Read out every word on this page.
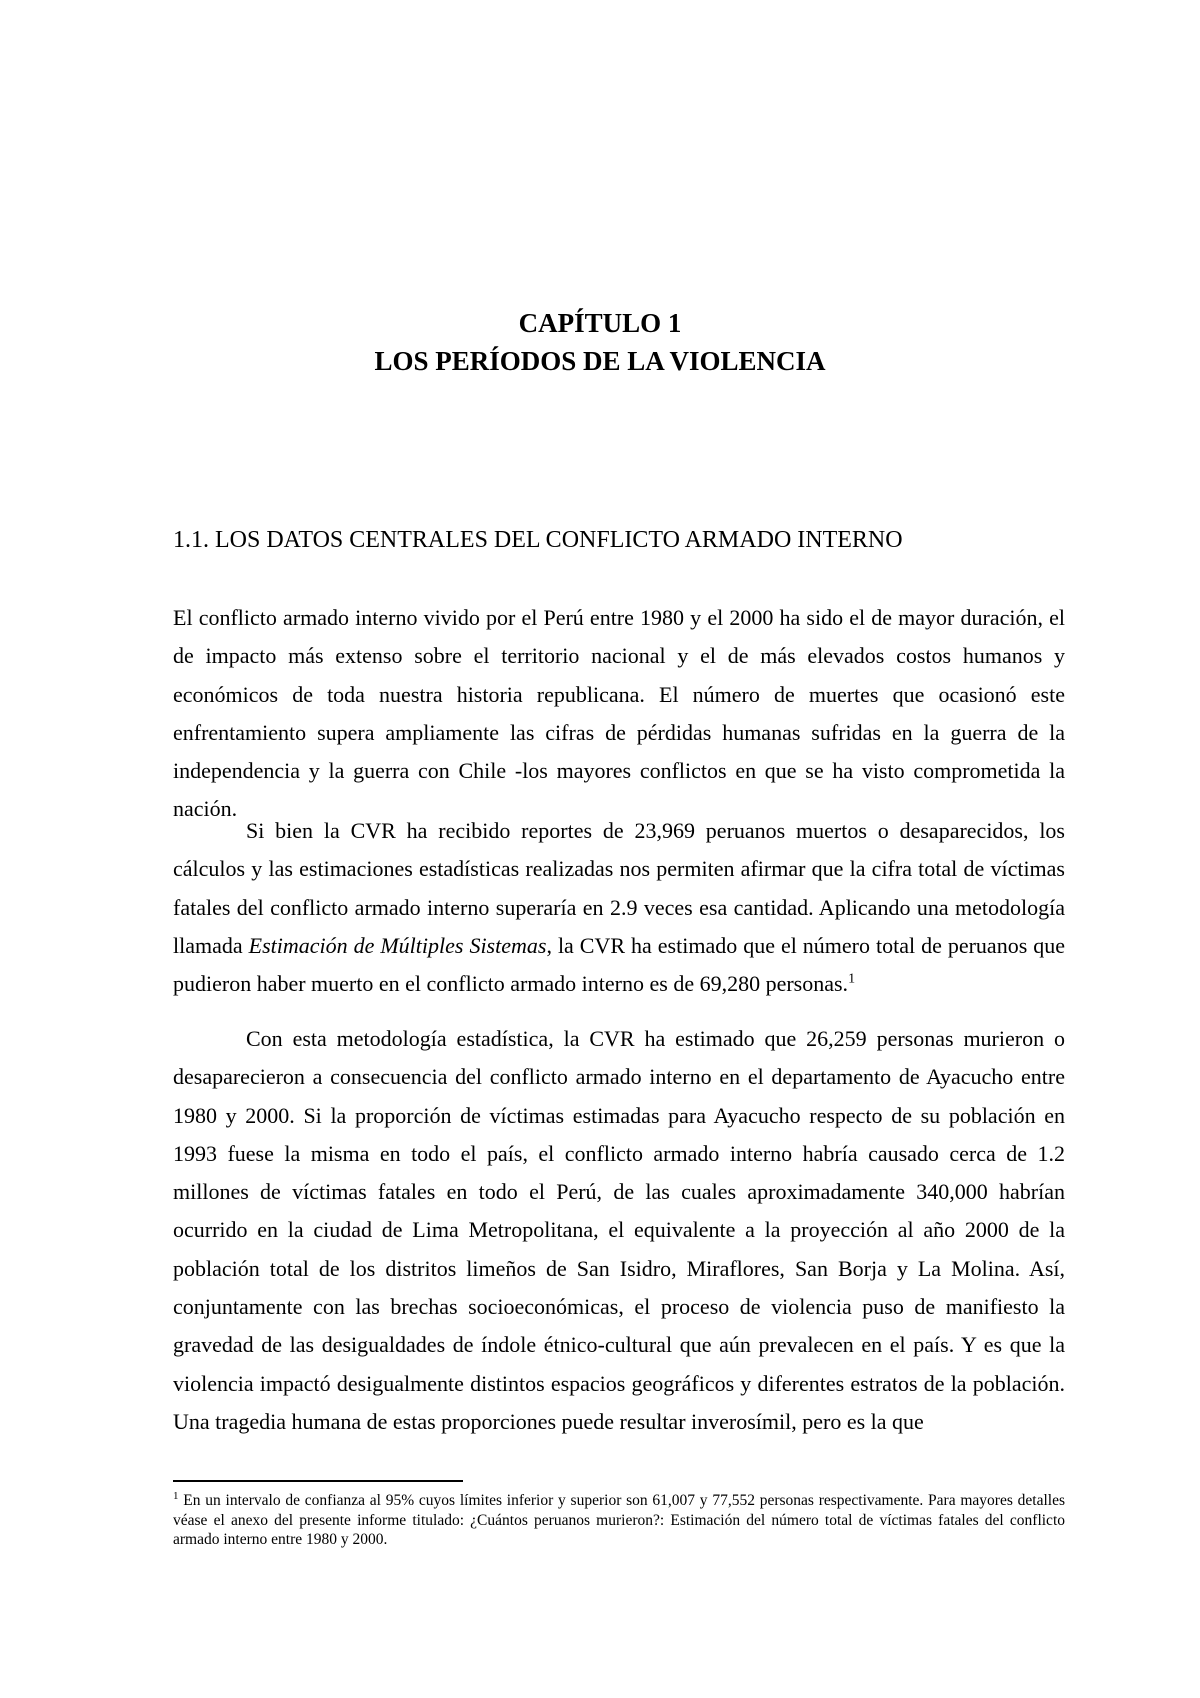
CAPÍTULO 1
LOS PERÍODOS DE LA VIOLENCIA
1.1. LOS DATOS CENTRALES DEL CONFLICTO ARMADO INTERNO

El conflicto armado interno vivido por el Perú entre 1980 y el 2000 ha sido el de mayor duración, el de impacto más extenso sobre el territorio nacional y el de más elevados costos humanos y económicos de toda nuestra historia republicana. El número de muertes que ocasionó este enfrentamiento supera ampliamente las cifras de pérdidas humanas sufridas en la guerra de la independencia y la guerra con Chile -los mayores conflictos en que se ha visto comprometida la nación.

Si bien la CVR ha recibido reportes de 23,969 peruanos muertos o desaparecidos, los cálculos y las estimaciones estadísticas realizadas nos permiten afirmar que la cifra total de víctimas fatales del conflicto armado interno superaría en 2.9 veces esa cantidad. Aplicando una metodología llamada Estimación de Múltiples Sistemas, la CVR ha estimado que el número total de peruanos que pudieron haber muerto en el conflicto armado interno es de 69,280 personas.$^1$

Con esta metodología estadística, la CVR ha estimado que 26,259 personas murieron o desaparecieron a consecuencia del conflicto armado interno en el departamento de Ayacucho entre 1980 y 2000. Si la proporción de víctimas estimadas para Ayacucho respecto de su población en 1993 fuese la misma en todo el país, el conflicto armado interno habría causado cerca de 1.2 millones de víctimas fatales en todo el Perú, de las cuales aproximadamente 340,000 habrían ocurrido en la ciudad de Lima Metropolitana, el equivalente a la proyección al año 2000 de la población total de los distritos limeños de San Isidro, Miraflores, San Borja y La Molina. Así, conjuntamente con las brechas socioeconómicas, el proceso de violencia puso de manifiesto la gravedad de las desigualdades de índole étnico-cultural que aún prevalecen en el país. Y es que la violencia impactó desigualmente distintos espacios geográficos y diferentes estratos de la población. Una tragedia humana de estas proporciones puede resultar inverosímil, pero es la que

$^1$ En un intervalo de confianza al 95% cuyos límites inferior y superior son 61,007 y 77,552 personas respectivamente. Para mayores detalles véase el anexo del presente informe titulado: ¿Cuántos peruanos murieron?: Estimación del número total de víctimas fatales del conflicto armado interno entre 1980 y 2000.
